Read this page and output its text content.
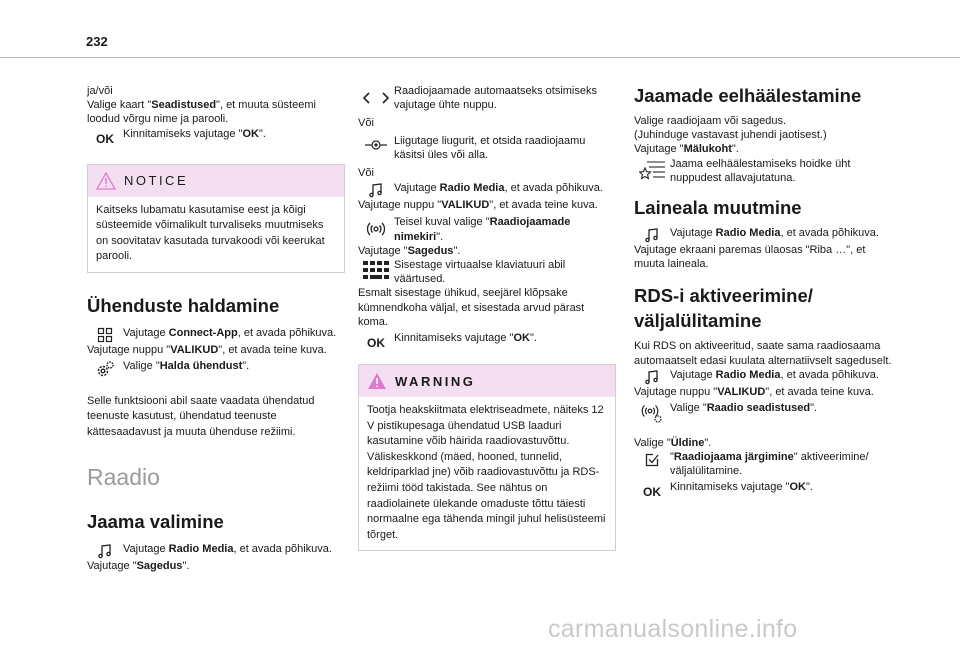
232

ja/või

Valige kaart "Seadistused", et muuta süsteemi loodud võrgu nime ja parooli.

OK Kinnitamiseks vajutage "OK".

NOTICE

Kaitseks lubamatu kasutamise eest ja kõigi süsteemide võimalikult turvaliseks muutmiseks on soovitatav kasutada turvakoodi või keerukat parooli.

Ühenduste haldamine

Vajutage Connect-App, et avada põhikuva.

Vajutage nuppu "VALIKUD", et avada teine kuva.

Valige "Halda ühendust".

Selle funktsiooni abil saate vaadata ühendatud teenuste kasutust, ühendatud teenuste kättesaadavust ja muuta ühenduse režiimi.

Raadio
Jaama valimine

Vajutage Radio Media, et avada põhikuva.

Vajutage "Sagedus".

Raadiojaamade automaatseks otsimiseks vajutage ühte nuppu.

Või

Liigutage liugurit, et otsida raadiojaamu käsitsi üles või alla.

Või

Vajutage Radio Media, et avada põhikuva.

Vajutage nuppu "VALIKUD", et avada teine kuva.

Teisel kuval valige "Raadiojaamade nimekiri".

Vajutage "Sagedus".

Sisestage virtuaalse klaviatuuri abil väärtused.

Esmalt sisestage ühikud, seejärel klõpsake kümnendkoha väljal, et sisestada arvud pärast koma.

OK Kinnitamiseks vajutage "OK".

WARNING

Tootja heakskiitmata elektriseadmete, näiteks 12 V pistikupesaga ühendatud USB laaduri kasutamine võib häirida raadiovastuvõttu. Väliskeskkond (mäed, hooned, tunnelid, keldriparklad jne) võib raadiovastuvõttu ja RDS-režiimi tööd takistada. See nähtus on raadiolainete ülekande omaduste tõttu täiesti normaalne ega tähenda mingil juhul helisüsteemi tõrget.

Jaamade eelhäälestamine

Valige raadiojaam või sagedus.

(Juhinduge vastavast juhendi jaotisest.)

Vajutage "Mälukoht".

Jaama eelhäälestamiseks hoidke üht nuppudest allavajutatuna.

Laineala muutmine

Vajutage Radio Media, et avada põhikuva.

Vajutage ekraani paremas ülaosas "Riba …", et muuta laineala.

RDS-i aktiveerimine/ väljalülitamine

Kui RDS on aktiveeritud, saate sama raadiosaama automaatselt edasi kuulata alternatiivselt sageduselt.

Vajutage Radio Media, et avada põhikuva.

Vajutage nuppu "VALIKUD", et avada teine kuva.

Valige "Raadio seadistused".

Valige "Üldine".

"Raadiojaama järgimine" aktiveerimine/ väljalülitamine.

OK Kinnitamiseks vajutage "OK".

carmanualsonline.info
